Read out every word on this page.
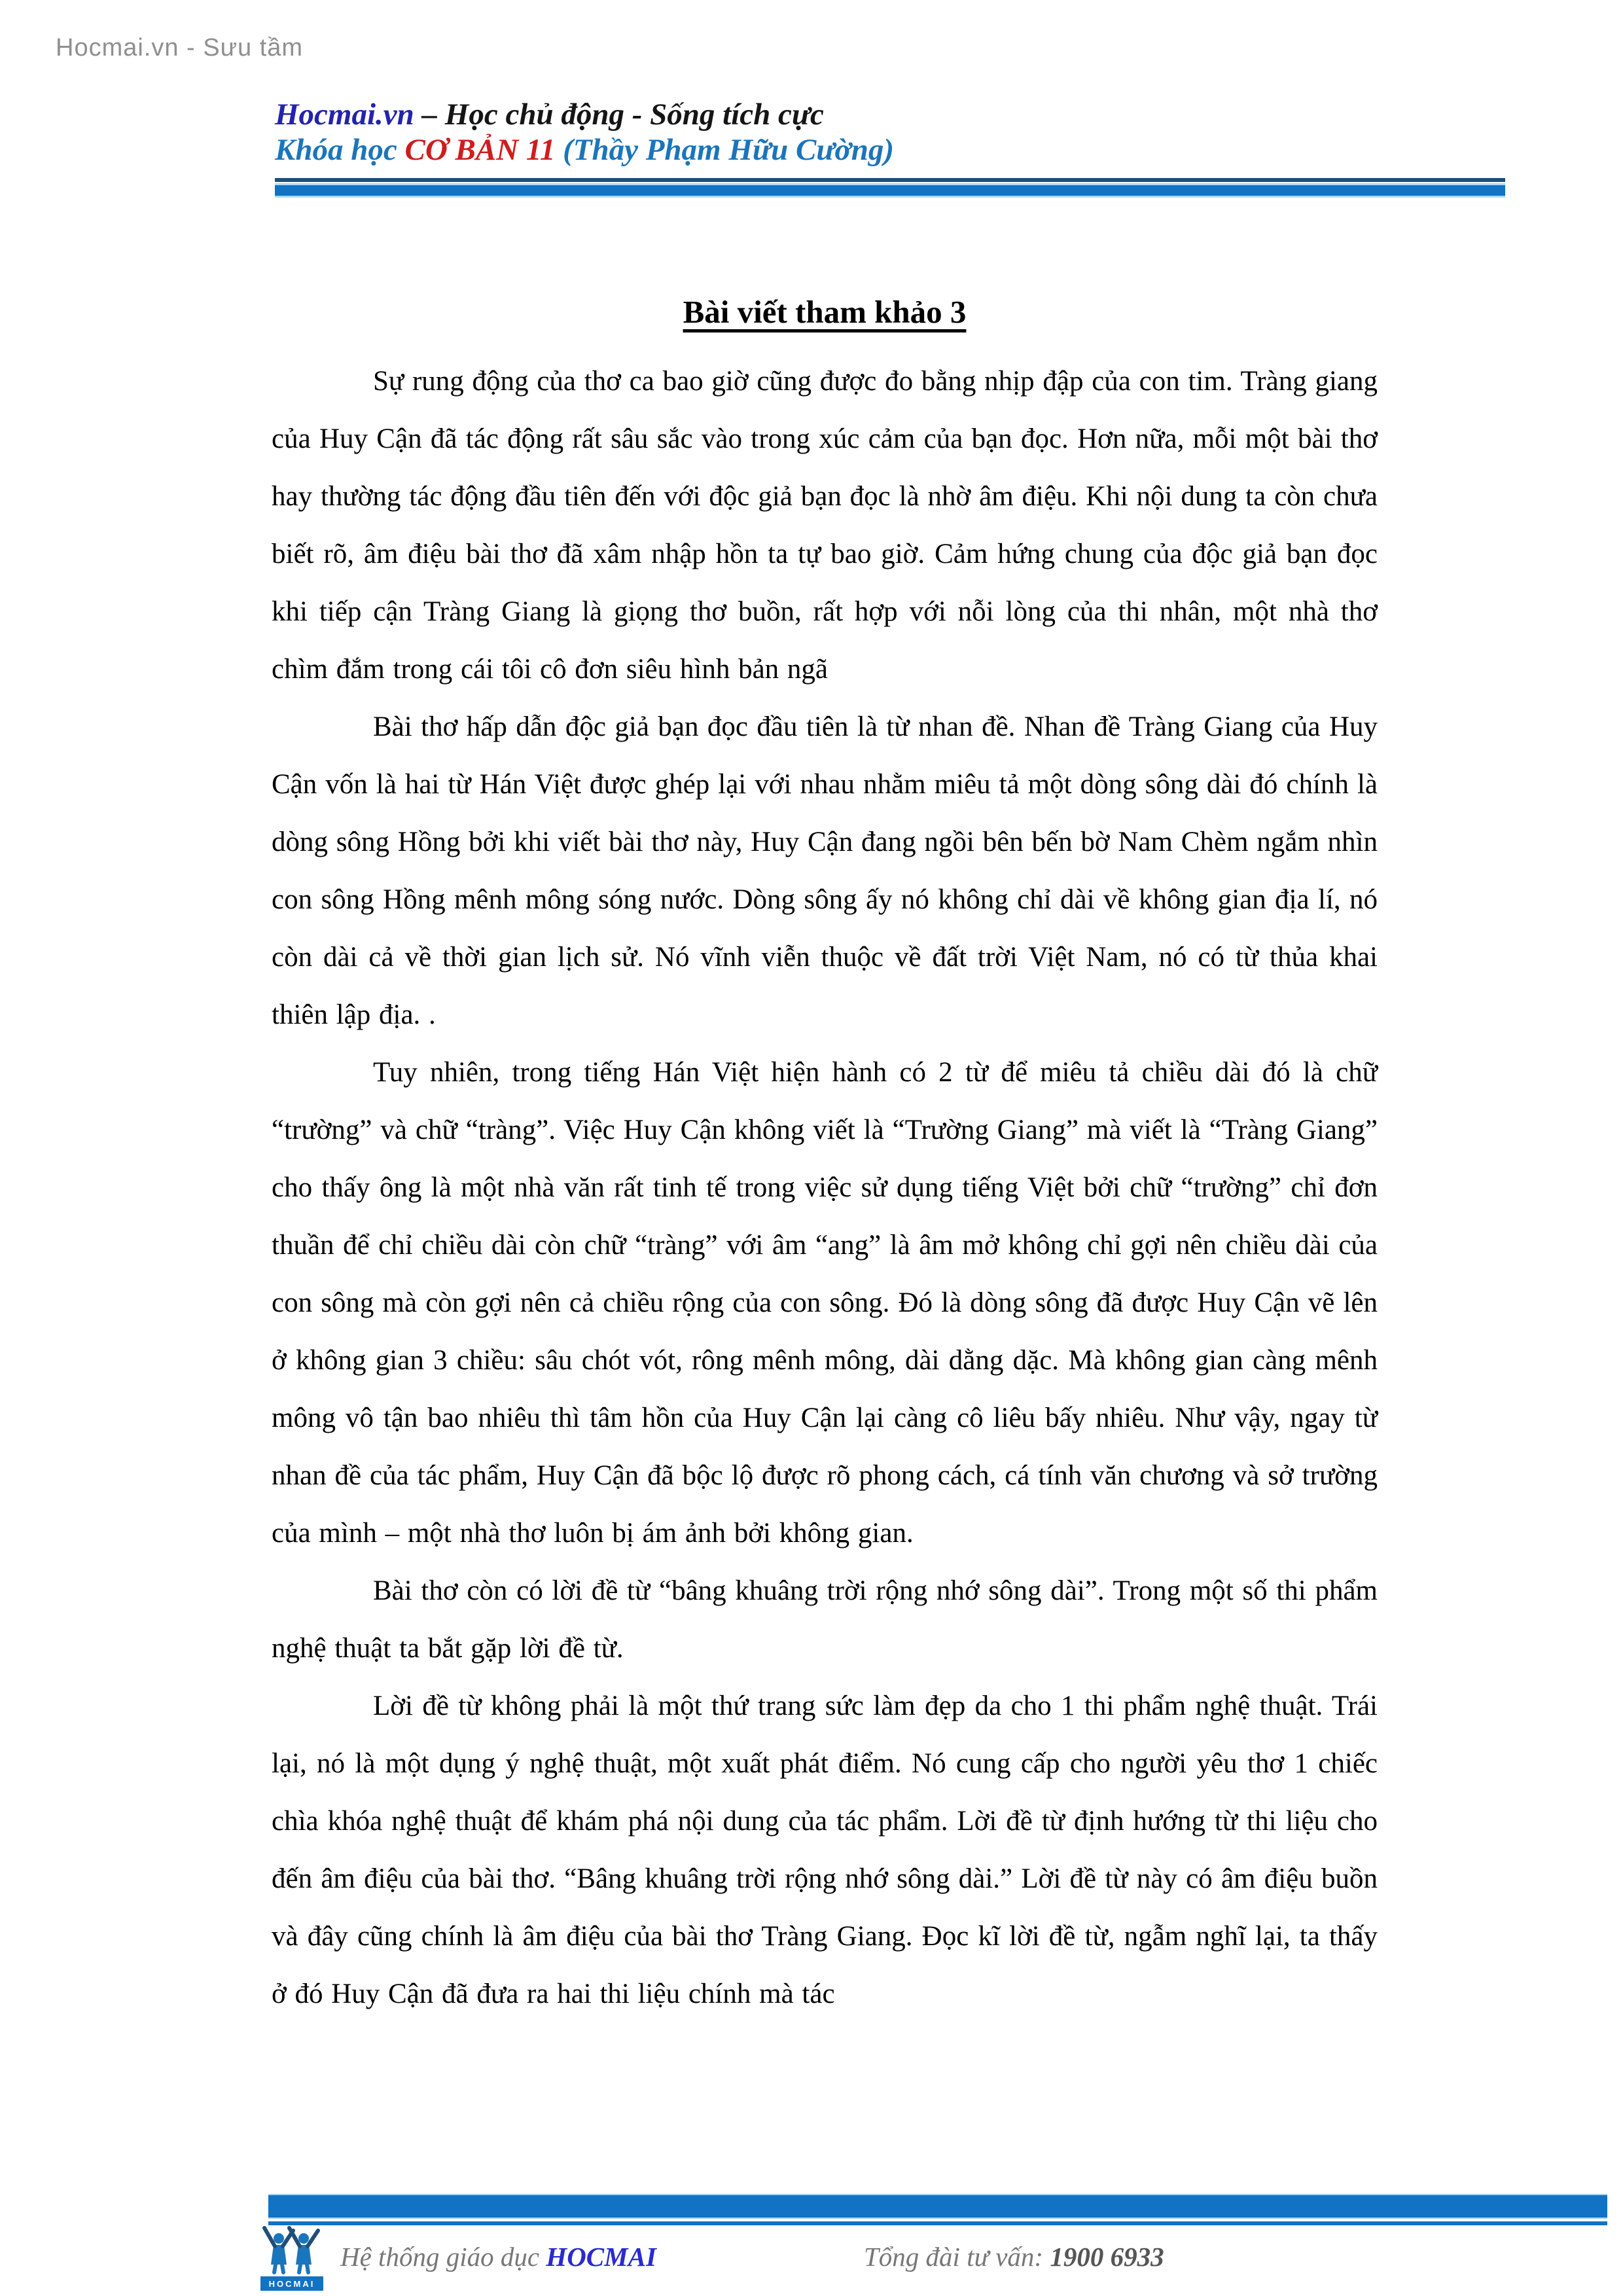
Hocmai.vn - Sưu tầm
Hocmai.vn – Học chủ động - Sống tích cực
Khóa học CƠ BẢN 11 (Thầy Phạm Hữu Cường)
Bài viết tham khảo 3

Sự rung động của thơ ca bao giờ cũng được đo bằng nhịp đập của con tim. Tràng giang của Huy Cận đã tác động rất sâu sắc vào trong xúc cảm của bạn đọc. Hơn nữa, mỗi một bài thơ hay thường tác động đầu tiên đến với độc giả bạn đọc là nhờ âm điệu. Khi nội dung ta còn chưa biết rõ, âm điệu bài thơ đã xâm nhập hồn ta tự bao giờ. Cảm hứng chung của độc giả bạn đọc khi tiếp cận Tràng Giang là giọng thơ buồn, rất hợp với nỗi lòng của thi nhân, một nhà thơ chìm đắm trong cái tôi cô đơn siêu hình bản ngã

Bài thơ hấp dẫn độc giả bạn đọc đầu tiên là từ nhan đề. Nhan đề Tràng Giang của Huy Cận vốn là hai từ Hán Việt được ghép lại với nhau nhằm miêu tả một dòng sông dài đó chính là dòng sông Hồng bởi khi viết bài thơ này, Huy Cận đang ngồi bên bến bờ Nam Chèm ngắm nhìn con sông Hồng mênh mông sóng nước. Dòng sông ấy nó không chỉ dài về không gian địa lí, nó còn dài cả về thời gian lịch sử. Nó vĩnh viễn thuộc về đất trời Việt Nam, nó có từ thủa khai thiên lập địa. .

Tuy nhiên, trong tiếng Hán Việt hiện hành có 2 từ để miêu tả chiều dài đó là chữ “trường” và chữ “tràng”. Việc Huy Cận không viết là “Trường Giang” mà viết là “Tràng Giang” cho thấy ông là một nhà văn rất tinh tế trong việc sử dụng tiếng Việt bởi chữ “trường” chỉ đơn thuần để chỉ chiều dài còn chữ “tràng” với âm “ang” là âm mở không chỉ gợi nên chiều dài của con sông mà còn gợi nên cả chiều rộng của con sông. Đó là dòng sông đã được Huy Cận vẽ lên ở không gian 3 chiều: sâu chót vót, rông mênh mông, dài dằng dặc. Mà không gian càng mênh mông vô tận bao nhiêu thì tâm hồn của Huy Cận lại càng cô liêu bấy nhiêu. Như vậy, ngay từ nhan đề của tác phẩm, Huy Cận đã bộc lộ được rõ phong cách, cá tính văn chương và sở trường của mình – một nhà thơ luôn bị ám ảnh bởi không gian.

Bài thơ còn có lời đề từ “bâng khuâng trời rộng nhớ sông dài”. Trong một số thi phẩm nghệ thuật ta bắt gặp lời đề từ.

Lời đề từ không phải là một thứ trang sức làm đẹp da cho 1 thi phẩm nghệ thuật. Trái lại, nó là một dụng ý nghệ thuật, một xuất phát điểm. Nó cung cấp cho người yêu thơ 1 chiếc chìa khóa nghệ thuật để khám phá nội dung của tác phẩm. Lời đề từ định hướng từ thi liệu cho đến âm điệu của bài thơ. “Bâng khuâng trời rộng nhớ sông dài.” Lời đề từ này có âm điệu buồn và đây cũng chính là âm điệu của bài thơ Tràng Giang. Đọc kĩ lời đề từ, ngẫm nghĩ lại, ta thấy ở đó Huy Cận đã đưa ra hai thi liệu chính mà tác

HOCMAI
Hệ thống giáo dục HOCMAI	Tổng đài tư vấn: 1900 6933
